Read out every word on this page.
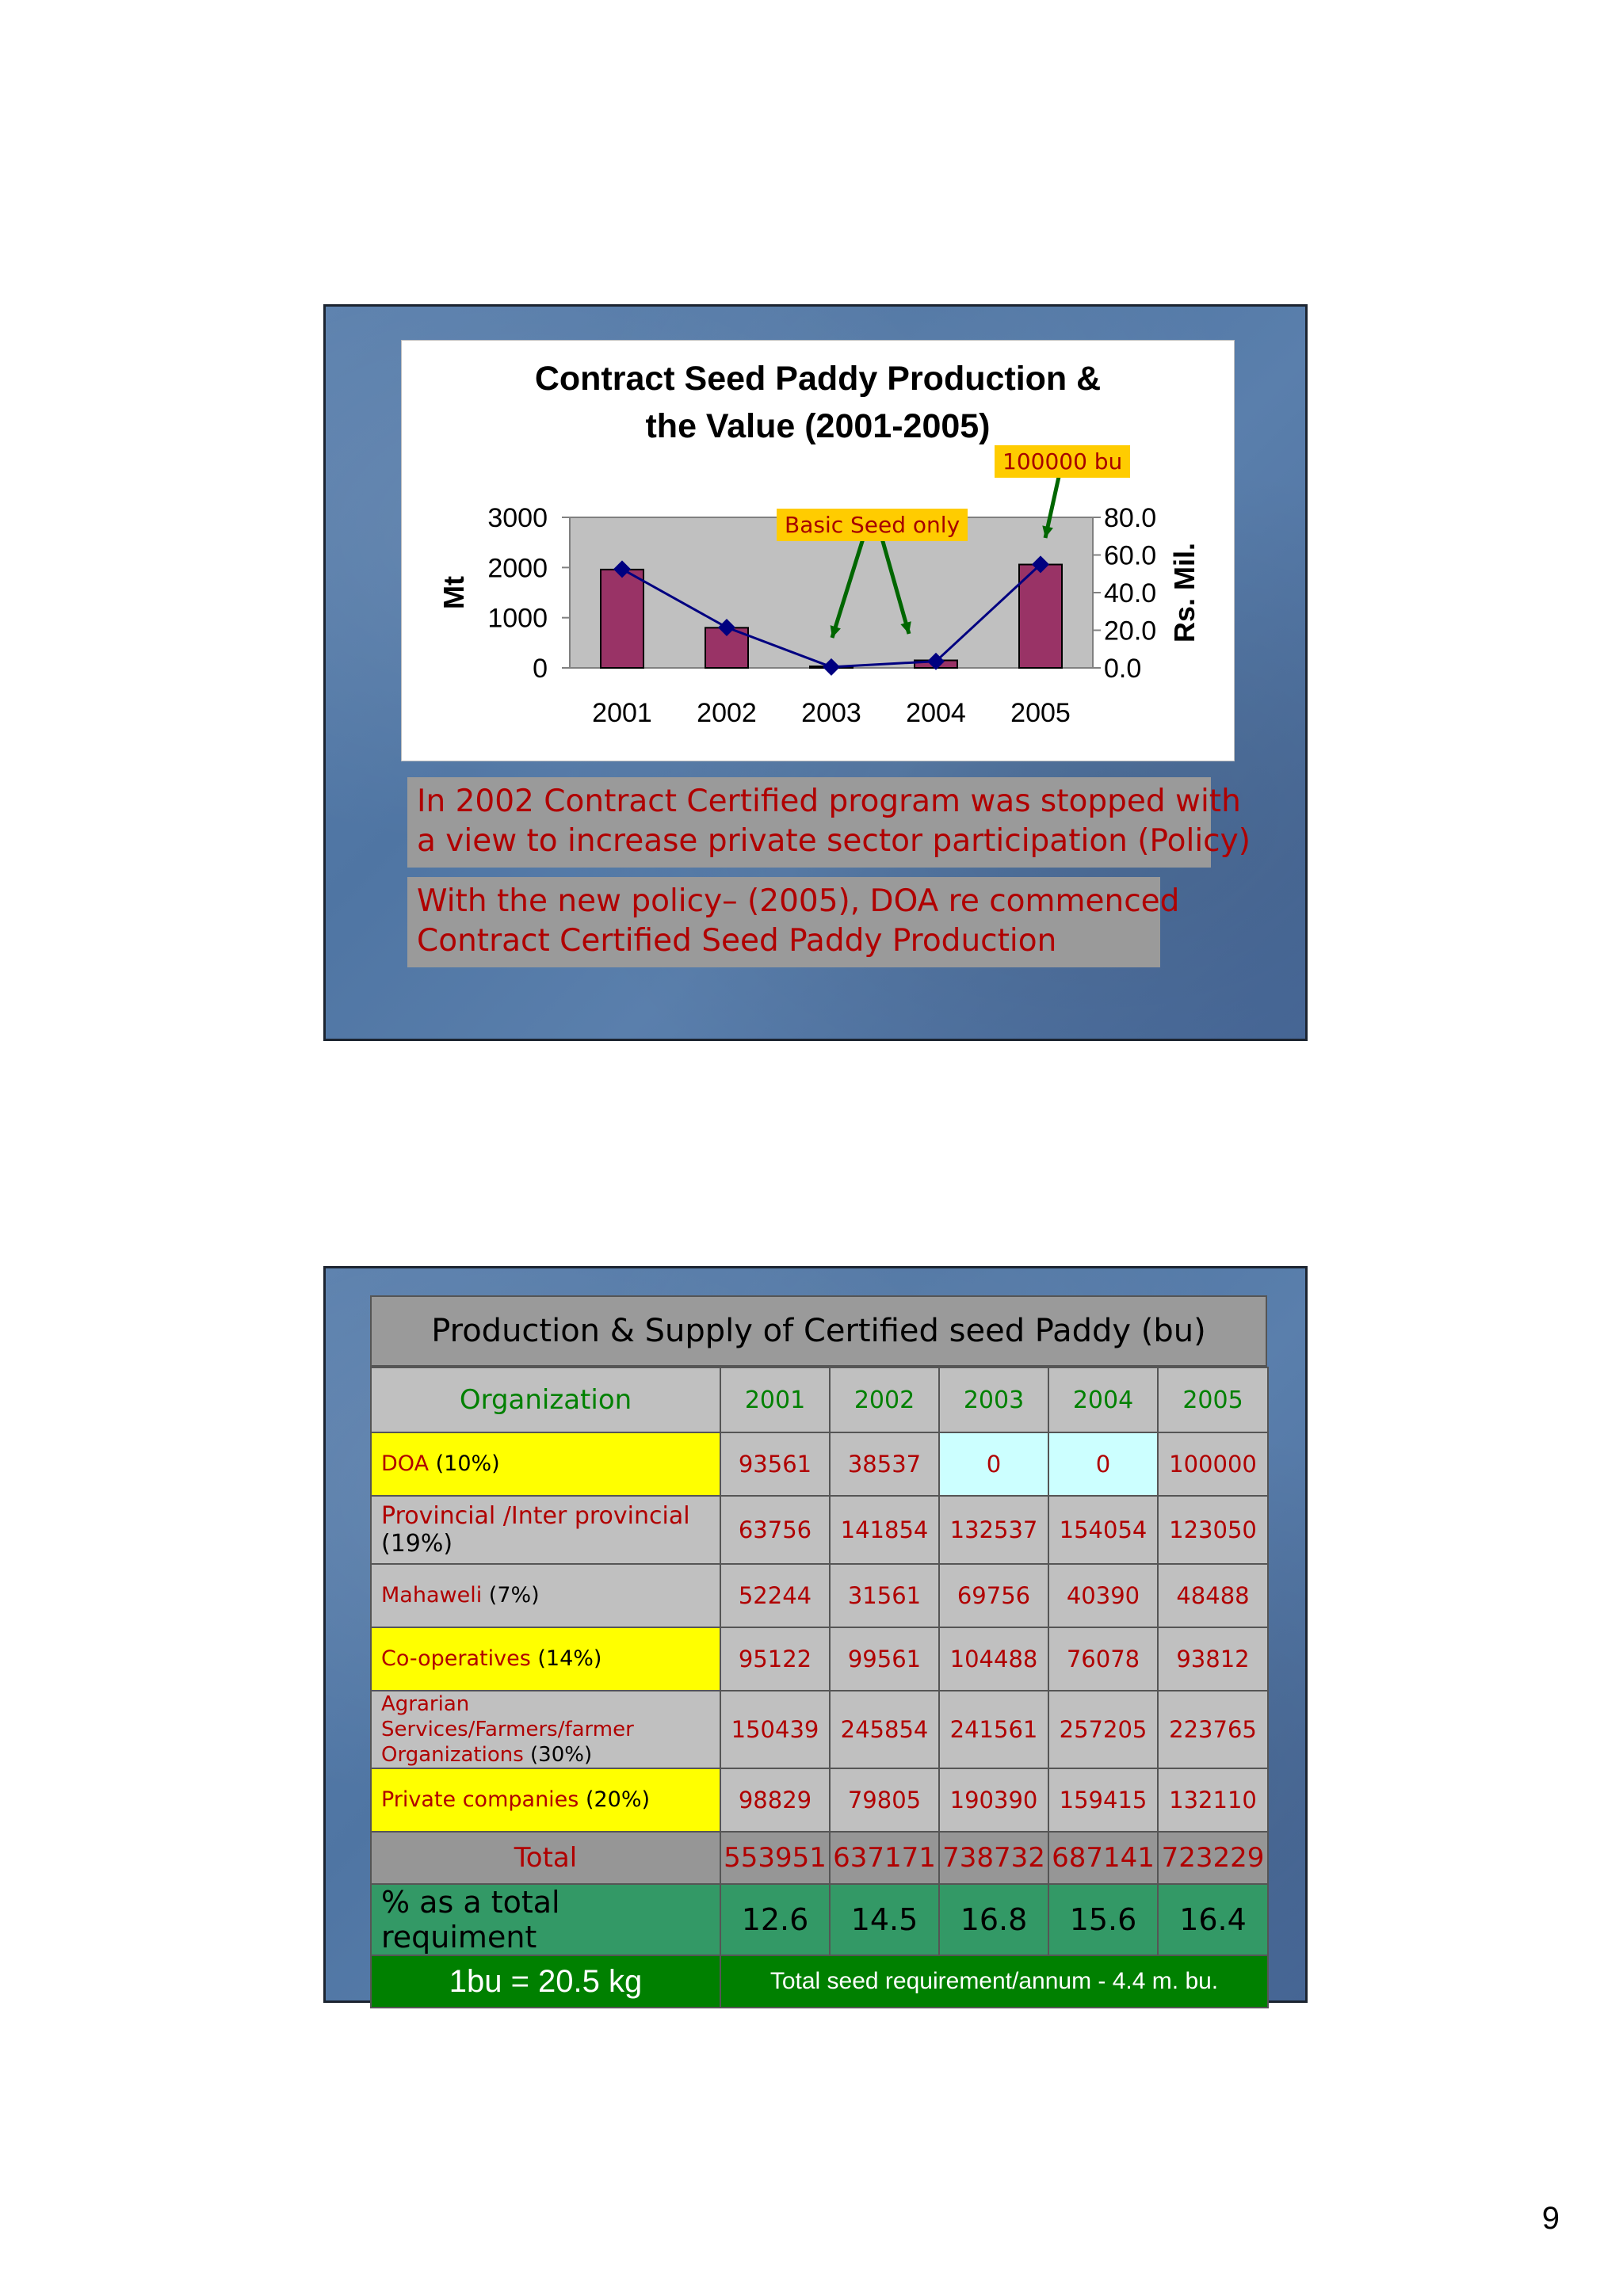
Contract Seed Paddy Production &
the Value (2001-2005)
3000
2000
1000
0
80.0
60.0
40.0
20.0
0.0
Mt	Rs. Mil.
2001 2002 2003 2004 2005
Basic Seed only
100000 bu
In 2002 Contract Certified program was stopped with
a view to increase private sector participation (Policy)
With the new policy– (2005), DOA re commenced
Contract Certified Seed Paddy Production
Production & Supply of Certified seed Paddy (bu)
Organization	2001	2002	2003	2004	2005
DOA (10%)	93561	38537	0	0	100000
Provincial /Inter provincial
(19%)	63756	141854	132537	154054	123050
Mahaweli (7%)	52244	31561	69756	40390	48488
Co-operatives (14%)	95122	99561	104488	76078	93812
Agrarian Services/Farmers/farmer Organizations (30%)	150439	245854	241561	257205	223765
Private companies (20%)	98829	79805	190390	159415	132110
Total	553951	637171	738732	687141	723229
% as a total requiment	12.6	14.5	16.8	15.6	16.4
1bu = 20.5 kg	Total seed requirement/annum - 4.4 m. bu.				
9
